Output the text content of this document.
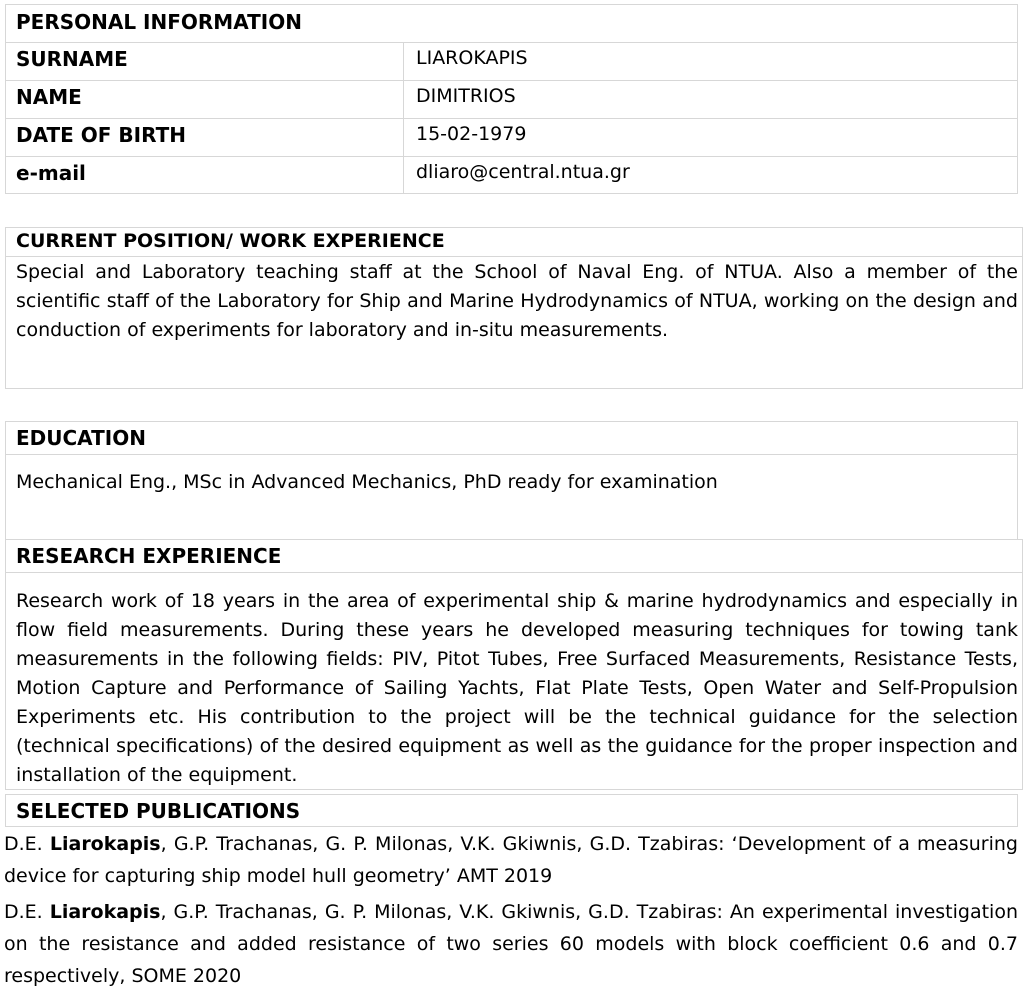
PERSONAL INFORMATION
SURNAME	LIAROKAPIS
NAME	DIMITRIOS
DATE OF BIRTH	15-02-1979
e-mail	dliaro@central.ntua.gr
CURRENT POSITION/ WORK EXPERIENCE
Special and Laboratory teaching staff at the School of Naval Eng. of NTUA. Also a member of the scientific staff of the Laboratory for Ship and Marine Hydrodynamics of NTUA, working on the design and conduction of experiments for laboratory and in-situ measurements.
EDUCATION
Mechanical Eng., MSc in Advanced Mechanics, PhD ready for examination
RESEARCH EXPERIENCE
Research work of 18 years in the area of experimental ship & marine hydrodynamics and especially in flow field measurements. During these years he developed measuring techniques for towing tank measurements in the following fields: PIV, Pitot Tubes, Free Surfaced Measurements, Resistance Tests, Motion Capture and Performance of Sailing Yachts, Flat Plate Tests, Open Water and Self-Propulsion Experiments etc. His contribution to the project will be the technical guidance for the selection (technical specifications) of the desired equipment as well as the guidance for the proper inspection and installation of the equipment.
SELECTED PUBLICATIONS
D.E. Liarokapis, G.P. Trachanas, G. P. Milonas, V.K. Gkiwnis, G.D. Tzabiras: ‘Development of a measuring device for capturing ship model hull geometry’ AMT 2019
D.E. Liarokapis, G.P. Trachanas, G. P. Milonas, V.K. Gkiwnis, G.D. Tzabiras: An experimental investigation on the resistance and added resistance of two series 60 models with block coefficient 0.6 and 0.7 respectively, SOME 2020
